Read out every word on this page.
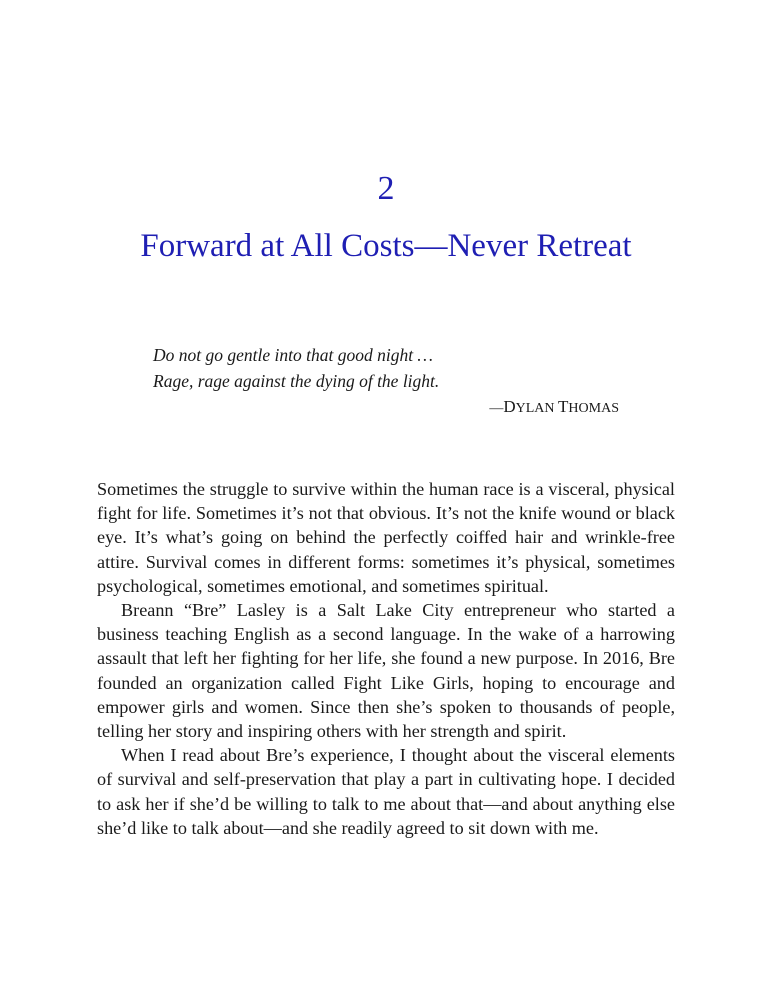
2
Forward at All Costs—Never Retreat
Do not go gentle into that good night …
Rage, rage against the dying of the light.
—DYLAN THOMAS

Sometimes the struggle to survive within the human race is a visceral, physical fight for life. Sometimes it’s not that obvious. It’s not the knife wound or black eye. It’s what’s going on behind the perfectly coiffed hair and wrinkle-free attire. Survival comes in different forms: sometimes it’s physical, sometimes psychological, sometimes emotional, and sometimes spiritual.

Breann “Bre” Lasley is a Salt Lake City entrepreneur who started a business teaching English as a second language. In the wake of a harrowing assault that left her fighting for her life, she found a new purpose. In 2016, Bre founded an organization called Fight Like Girls, hoping to encourage and empower girls and women. Since then she’s spoken to thousands of people, telling her story and inspiring others with her strength and spirit.

When I read about Bre’s experience, I thought about the visceral elements of survival and self-preservation that play a part in cultivating hope. I decided to ask her if she’d be willing to talk to me about that—and about anything else she’d like to talk about—and she readily agreed to sit down with me.
